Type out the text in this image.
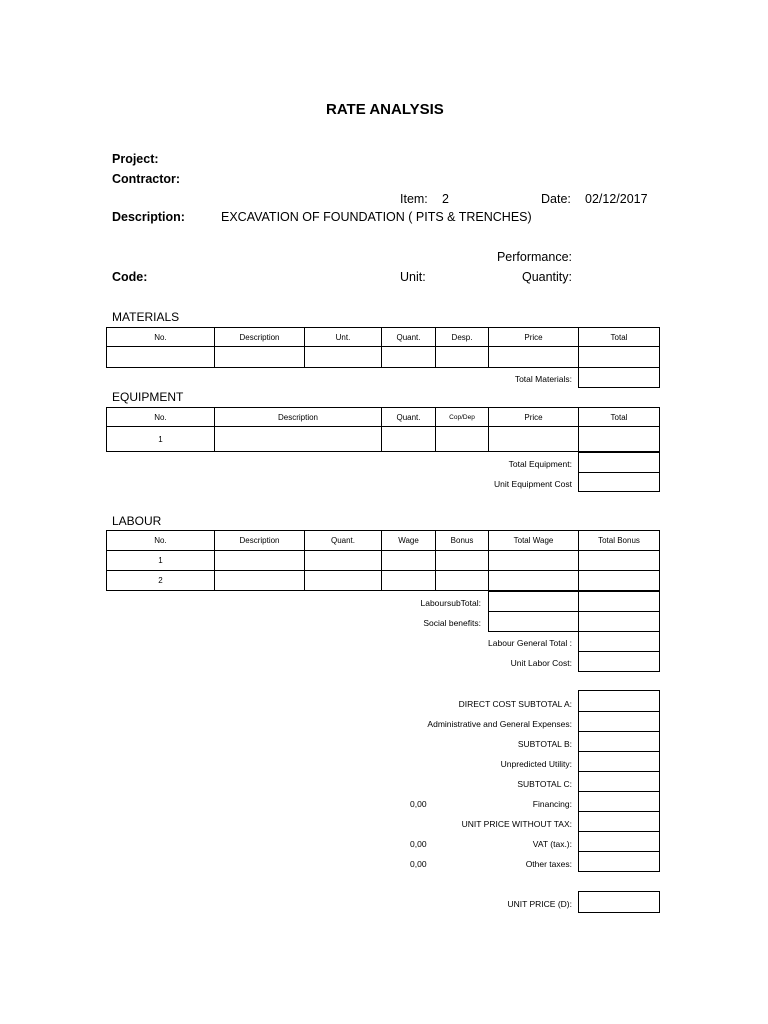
RATE ANALYSIS
Project:
Contractor:
Item: 2	Date: 02/12/2017
Description:	EXCAVATION OF FOUNDATION ( PITS & TRENCHES)
Performance:
Code:	Unit:	Quantity:
MATERIALS
No.	Description	Unt.	Quant.	Desp.	Price	Total
Total Materials:
EQUIPMENT
No.	Description	Quant.	Cop/Dep	Price	Total
1
Total Equipment:
Unit Equipment Cost
LABOUR
No.	Description	Quant.	Wage	Bonus	Total Wage	Total Bonus
1
2
LaboursubTotal:
Social benefits:
Labour General Total :
Unit Labor Cost:
DIRECT COST SUBTOTAL A:
Administrative and General Expenses:
SUBTOTAL B:
Unpredicted Utility:
SUBTOTAL C:
0,00	Financing:
UNIT PRICE WITHOUT TAX:
0,00	VAT (tax.):
0,00	Other taxes:
UNIT PRICE (D):
